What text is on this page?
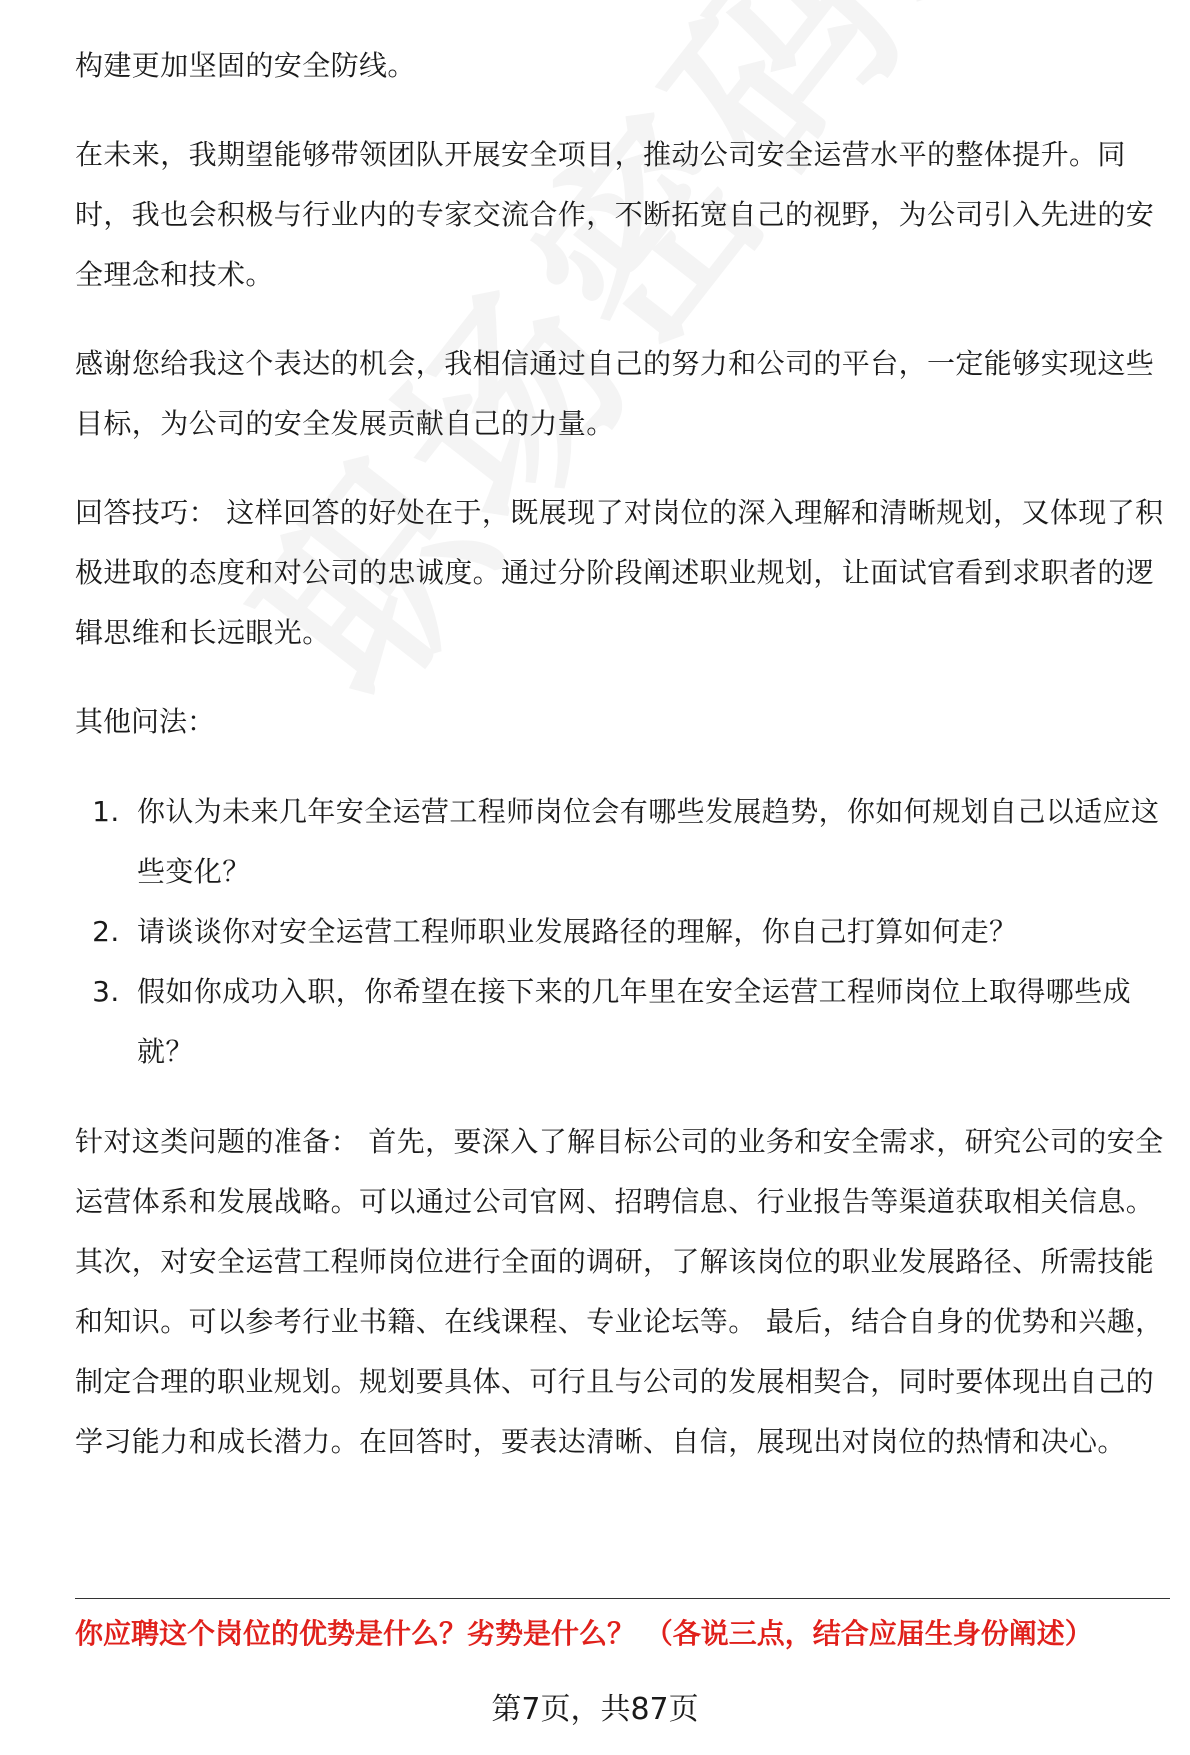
构建更加坚固的安全防线。

在未来，我期望能够带领团队开展安全项目，推动公司安全运营水平的整体提升。同时，我也会积极与行业内的专家交流合作，不断拓宽自己的视野，为公司引入先进的安全理念和技术。

感谢您给我这个表达的机会，我相信通过自己的努力和公司的平台，一定能够实现这些目标，为公司的安全发展贡献自己的力量。

回答技巧： 这样回答的好处在于，既展现了对岗位的深入理解和清晰规划，又体现了积极进取的态度和对公司的忠诚度。通过分阶段阐述职业规划，让面试官看到求职者的逻辑思维和长远眼光。

其他问法：
1. 你认为未来几年安全运营工程师岗位会有哪些发展趋势，你如何规划自己以适应这些变化？
2. 请谈谈你对安全运营工程师职业发展路径的理解，你自己打算如何走？
3. 假如你成功入职，你希望在接下来的几年里在安全运营工程师岗位上取得哪些成就？

针对这类问题的准备： 首先，要深入了解目标公司的业务和安全需求，研究公司的安全运营体系和发展战略。可以通过公司官网、招聘信息、行业报告等渠道获取相关信息。 其次，对安全运营工程师岗位进行全面的调研，了解该岗位的职业发展路径、所需技能和知识。可以参考行业书籍、在线课程、专业论坛等。 最后，结合自身的优势和兴趣，制定合理的职业规划。规划要具体、可行且与公司的发展相契合，同时要体现出自己的学习能力和成长潜力。在回答时，要表达清晰、自信，展现出对岗位的热情和决心。

你应聘这个岗位的优势是什么？劣势是什么？ （各说三点，结合应届生身份阐述）
第7页，共87页
